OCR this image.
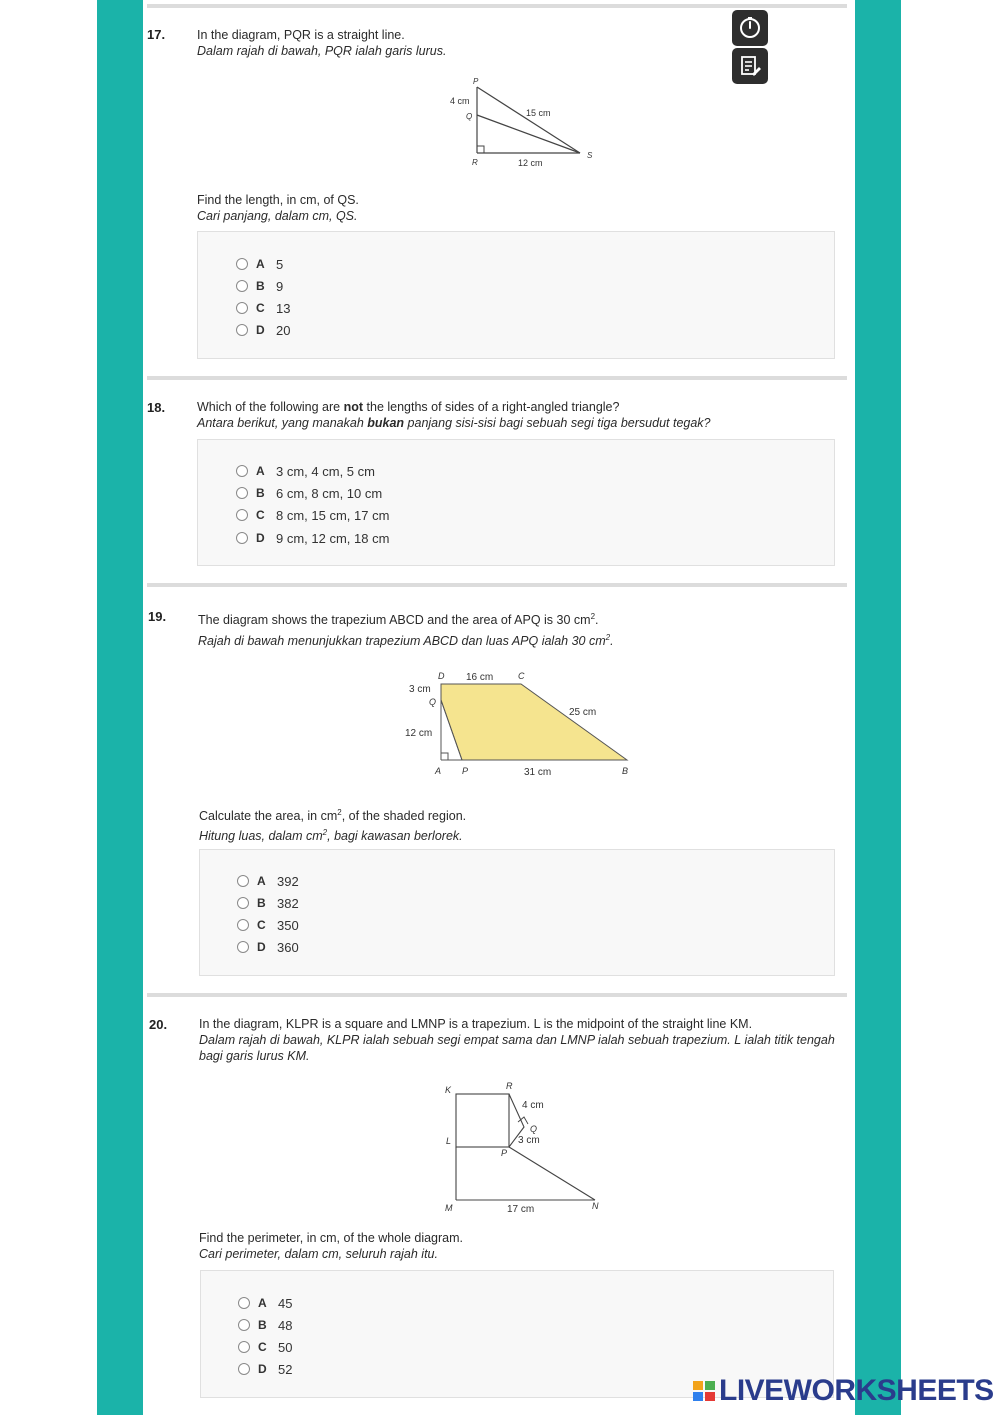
17.	In the diagram, PQR is a straight line.
Dalam rajah di bawah, PQR ialah garis lurus.
P
Q
R
S
4 cm
15 cm
12 cm
Find the length, in cm, of QS.
Cari panjang, dalam cm, QS.
A 5
B 9
C 13
D 20
18.	Which of the following are not the lengths of sides of a right-angled triangle?
Antara berikut, yang manakah bukan panjang sisi-sisi bagi sebuah segi tiga bersudut tegak?
A 3 cm, 4 cm, 5 cm
B 6 cm, 8 cm, 10 cm
C 8 cm, 15 cm, 17 cm
D 9 cm, 12 cm, 18 cm
19.	The diagram shows the trapezium ABCD and the area of APQ is 30 $cm^2$.
Rajah di bawah menunjukkan trapezium ABCD dan luas APQ ialah 30 $cm^2$.
D	C
16 cm
3 cm
Q
25 cm
12 cm
A P	31 cm	B
Calculate the area, in $cm^2$, of the shaded region.
Hitung luas, dalam $cm^2$, bagi kawasan berlorek.
A 392
B 382
C 350
D 360
20.	In the diagram, KLPR is a square and LMNP is a trapezium. L is the midpoint of the straight line KM.
Dalam rajah di bawah, KLPR ialah sebuah segi empat sama dan LMNP ialah sebuah trapezium. L ialah titik tengah bagi garis lurus KM.
K	R
4 cm
Q
3 cm
L
P
M	17 cm	N
Find the perimeter, in cm, of the whole diagram.
Cari perimeter, dalam cm, seluruh rajah itu.
A 45
B 48
C 50
D 52
LIVEWORKSHEETS
